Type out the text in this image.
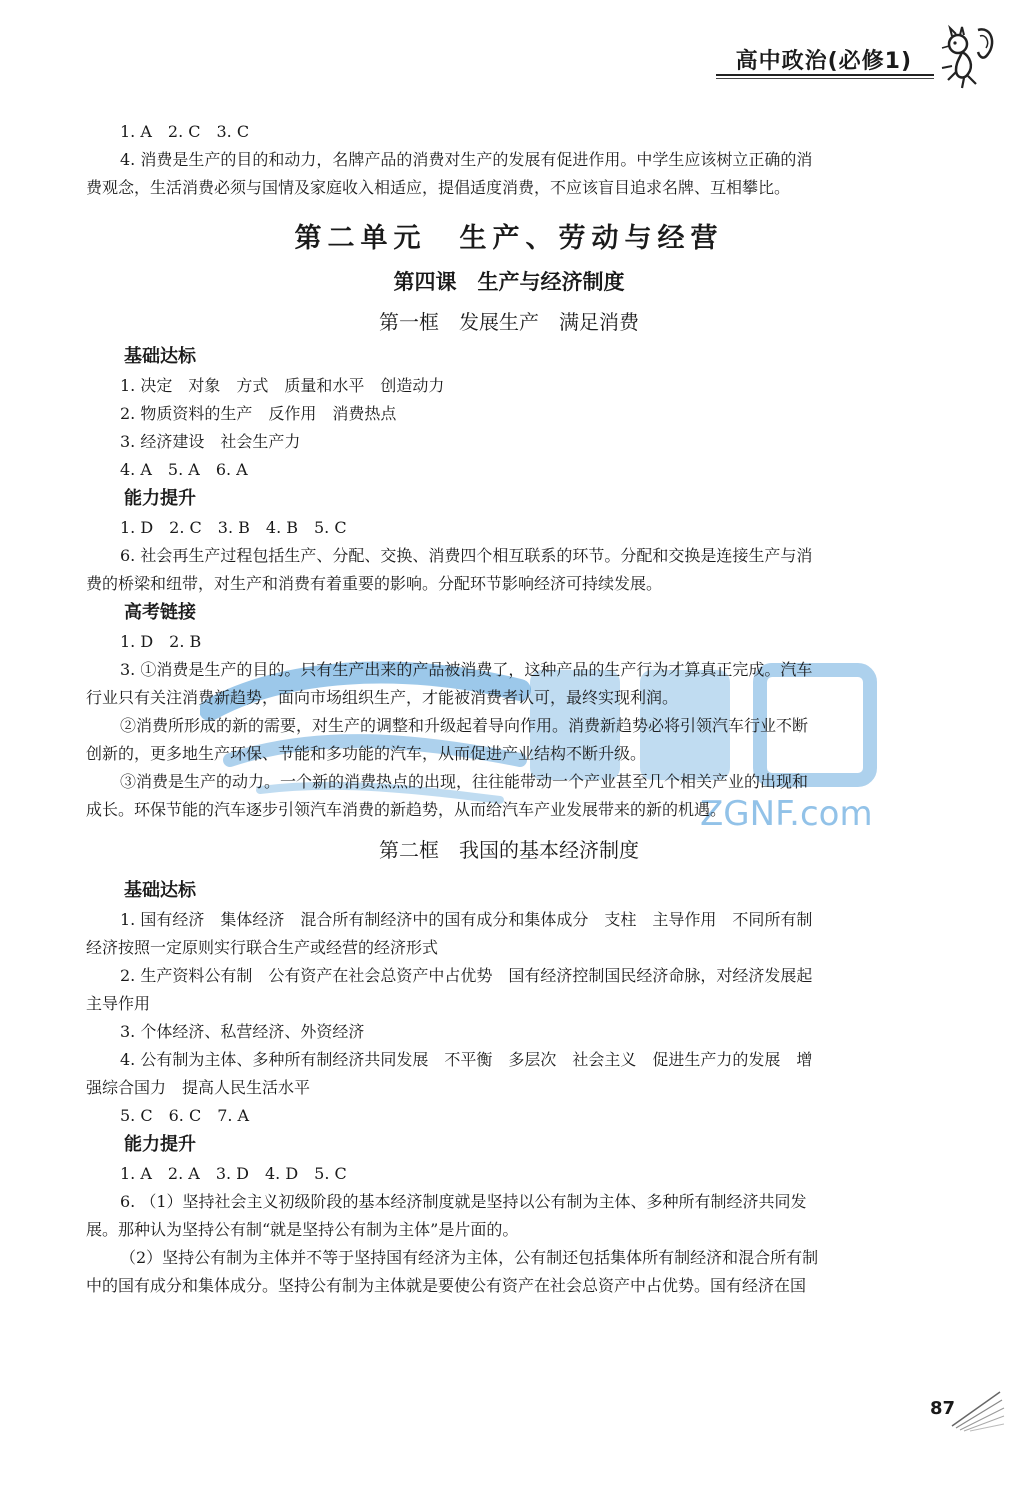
高中政治(必修1)
ZGNF.com
1. A　2. C　3. C
4. 消费是生产的目的和动力，名牌产品的消费对生产的发展有促进作用。中学生应该树立正确的消
费观念，生活消费必须与国情及家庭收入相适应，提倡适度消费，不应该盲目追求名牌、互相攀比。
第二单元　生产、劳动与经营
第四课　生产与经济制度
第一框　发展生产　满足消费
基础达标
1. 决定　对象　方式　质量和水平　创造动力
2. 物质资料的生产　反作用　消费热点
3. 经济建设　社会生产力
4. A　5. A　6. A
能力提升
1. D　2. C　3. B　4. B　5. C
6. 社会再生产过程包括生产、分配、交换、消费四个相互联系的环节。分配和交换是连接生产与消
费的桥梁和纽带，对生产和消费有着重要的影响。分配环节影响经济可持续发展。
高考链接
1. D　2. B
3. ①消费是生产的目的。只有生产出来的产品被消费了，这种产品的生产行为才算真正完成。汽车
行业只有关注消费新趋势，面向市场组织生产，才能被消费者认可，最终实现利润。
②消费所形成的新的需要，对生产的调整和升级起着导向作用。消费新趋势必将引领汽车行业不断
创新的，更多地生产环保、节能和多功能的汽车，从而促进产业结构不断升级。
③消费是生产的动力。一个新的消费热点的出现，往往能带动一个产业甚至几个相关产业的出现和
成长。环保节能的汽车逐步引领汽车消费的新趋势，从而给汽车产业发展带来的新的机遇。
第二框　我国的基本经济制度
基础达标
1. 国有经济　集体经济　混合所有制经济中的国有成分和集体成分　支柱　主导作用　不同所有制
经济按照一定原则实行联合生产或经营的经济形式
2. 生产资料公有制　公有资产在社会总资产中占优势　国有经济控制国民经济命脉，对经济发展起
主导作用
3. 个体经济、私营经济、外资经济
4. 公有制为主体、多种所有制经济共同发展　不平衡　多层次　社会主义　促进生产力的发展　增
强综合国力　提高人民生活水平
5. C　6. C　7. A
能力提升
1. A　2. A　3. D　4. D　5. C
6. （1）坚持社会主义初级阶段的基本经济制度就是坚持以公有制为主体、多种所有制经济共同发
展。那种认为坚持公有制“就是坚持公有制为主体”是片面的。
（2）坚持公有制为主体并不等于坚持国有经济为主体，公有制还包括集体所有制经济和混合所有制
中的国有成分和集体成分。坚持公有制为主体就是要使公有资产在社会总资产中占优势。国有经济在国
87
